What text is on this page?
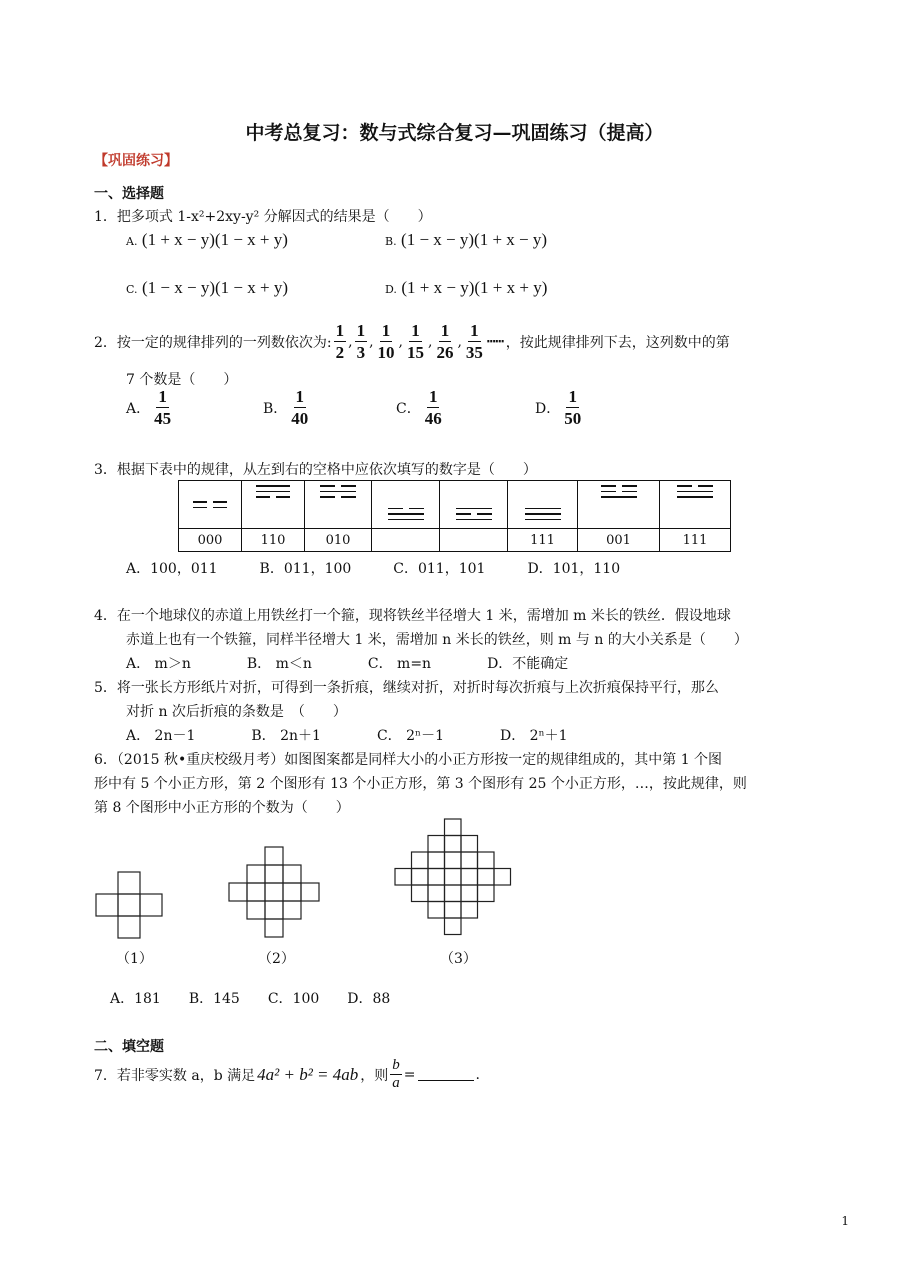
中考总复习：数与式综合复习—巩固练习（提高）
【巩固练习】
一、选择题
1．把多项式 1-x²+2xy-y² 分解因式的结果是（　　）
A. (1 + x − y)(1 − x + y)	B. (1 − x − y)(1 + x − y)
C. (1 − x − y)(1 − x + y)	D. (1 + x − y)(1 + x + y)
2．按一定的规律排列的一列数依次为: $\frac{1}{2}$ , $\frac{1}{3}$ , $\frac{1}{10}$ , $\frac{1}{15}$ , $\frac{1}{26}$ , $\frac{1}{35}$ ┅┅ ，按此规律排列下去，这列数中的第
7 个数是（　　）
A． $\frac{1}{45}$	B． $\frac{1}{40}$	C． $\frac{1}{46}$	D． $\frac{1}{50}$
3．根据下表中的规律，从左到右的空格中应依次填写的数字是（　　）

000	110	010			111	001	111
A．100，011　　　B．011，100　　　C．011，101　　　D．101，110
4．在一个地球仪的赤道上用铁丝打一个箍，现将铁丝半径增大 1 米，需增加 m 米长的铁丝．假设地球
赤道上也有一个铁箍，同样半径增大 1 米，需增加 n 米长的铁丝，则 m 与 n 的大小关系是（　　）
A． m＞n　　　　B． m＜n　　　　C． m=n　　　　D．不能确定
5．将一张长方形纸片对折，可得到一条折痕，继续对折，对折时每次折痕与上次折痕保持平行，那么
对折 n 次后折痕的条数是　（　　）
A． 2n－1　　　　B． 2n＋1　　　　C． 2ⁿ－1　　　　D． 2ⁿ＋1
6．（2015 秋•重庆校级月考）如图图案都是同样大小的小正方形按一定的规律组成的，其中第 1 个图
形中有 5 个小正方形，第 2 个图形有 13 个小正方形，第 3 个图形有 25 个小正方形，…，按此规律，则
第 8 个图形中小正方形的个数为（　　）
（1）	（2）	（3）
A．181　　B．145　　C．100　　D．88
二、填空题
7．若非零实数 a，b 满足 4a² + b² = 4ab ，则 $\frac{b}{a}$ =	.
1
